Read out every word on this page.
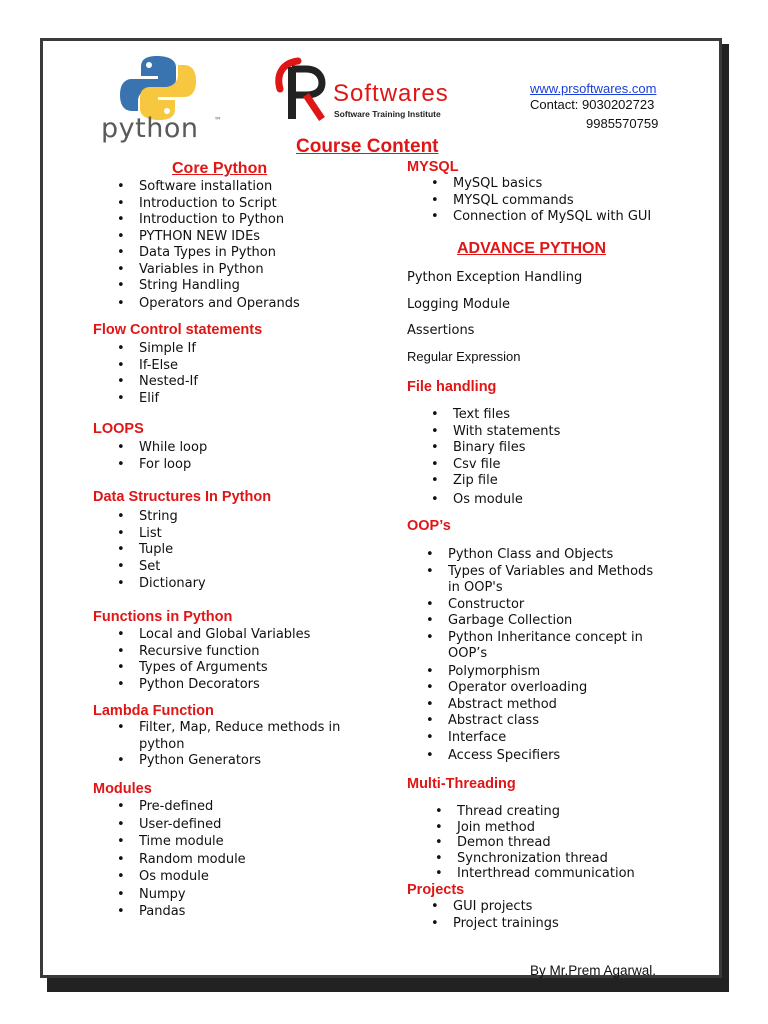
python ™
Softwares
Software Training Institute
www.prsoftwares.com
Contact: 9030202723
9985570759
Course Content
Core Python
• Software installation
• Introduction to Script
• Introduction to Python
• PYTHON NEW IDEs
• Data Types in Python
• Variables in Python
• String Handling
• Operators and Operands
Flow Control statements
• Simple If
• If-Else
• Nested-If
• Elif
LOOPS
• While loop
• For loop
Data Structures In Python
• String
• List
• Tuple
• Set
• Dictionary
Functions in Python
• Local and Global Variables
• Recursive function
• Types of Arguments
• Python Decorators
Lambda Function
• Filter, Map, Reduce methods in
python
• Python Generators
Modules
• Pre-defined
• User-defined
• Time module
• Random module
• Os module
• Numpy
• Pandas
MYSQL
• MySQL basics
• MYSQL commands
• Connection of MySQL with GUI
ADVANCE PYTHON
Python Exception Handling
Logging Module
Assertions
Regular Expression
File handling
• Text files
• With statements
• Binary files
• Csv file
• Zip file
• Os module
OOP’s
• Python Class and Objects
• Types of Variables and Methods
in OOP's
• Constructor
• Garbage Collection
• Python Inheritance concept in
OOP’s
• Polymorphism
• Operator overloading
• Abstract method
• Abstract class
• Interface
• Access Specifiers
Multi-Threading
• Thread creating
• Join method
• Demon thread
• Synchronization thread
• Interthread communication
Projects
• GUI projects
• Project trainings
By Mr.Prem Agarwal.
